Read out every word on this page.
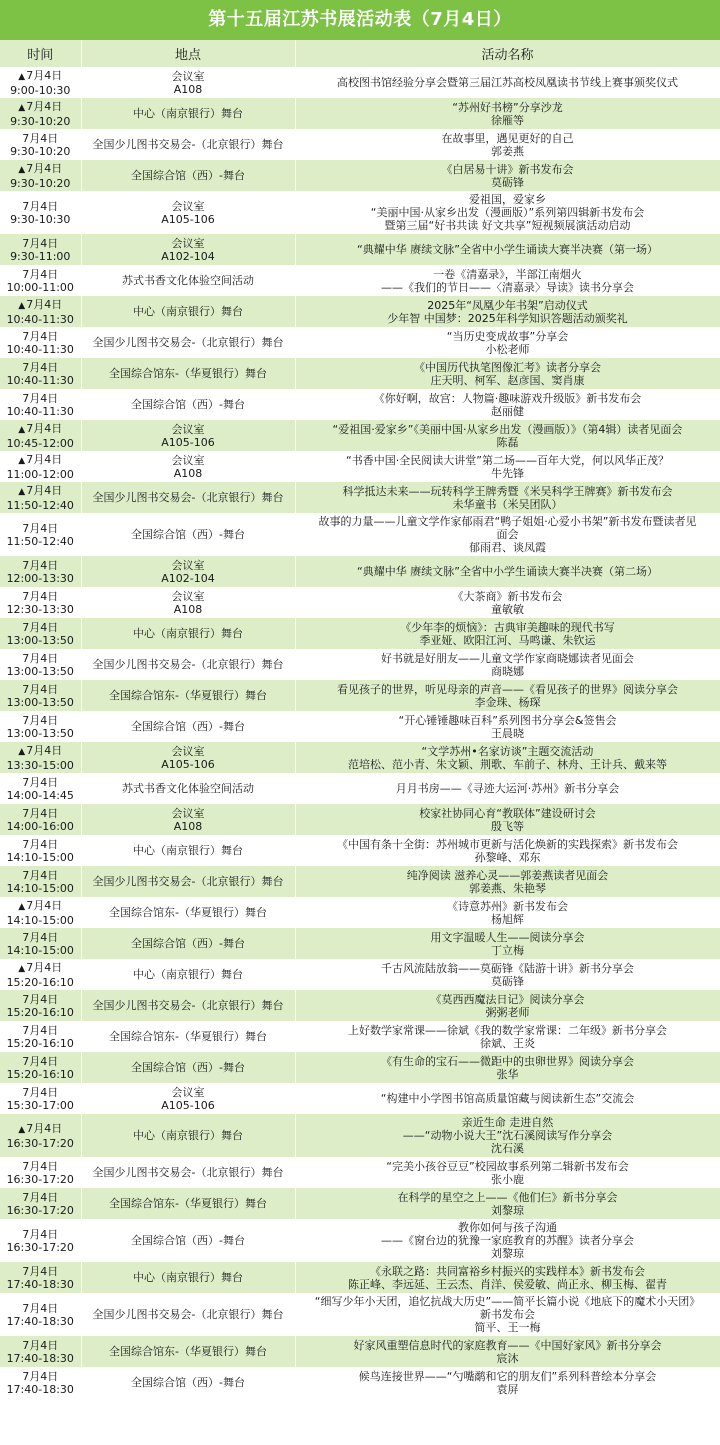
第十五届江苏书展活动表（7月4日）
时间	地点	活动名称

▲ 7月4日
9:00-10:30	会议室
A108	高校图书馆经验分享会暨第三届江苏高校凤凰读书节线上赛事颁奖仪式

▲ 7月4日
9:30-10:20	中心（南京银行）舞台	“苏州好书榜”分享沙龙
徐雁等

7月4日
9:30-10:20	全国少儿图书交易会-（北京银行）舞台	在故事里，遇见更好的自己
郭姜燕

▲ 7月4日
9:30-10:20	全国综合馆（西）-舞台	《白居易十讲》新书发布会
莫砺锋

7月4日
9:30-10:30	会议室
A105-106	爱祖国，爱家乡
“美丽中国·从家乡出发（漫画版）”系列第四辑新书发布会
暨第三届“好书共读 好文共享”短视频展演活动启动

7月4日
9:30-11:00	会议室
A102-104	“典耀中华 赓续文脉”全省中小学生诵读大赛半决赛（第一场）

7月4日
10:00-11:00	苏式书香文化体验空间活动	一卷《清嘉录》，半部江南烟火
——《我们的节日——〈清嘉录〉导读》读书分享会

▲ 7月4日
10:40-11:30	中心（南京银行）舞台	2025年“凤凰少年书架”启动仪式
少年智 中国梦：2025年科学知识答题活动颁奖礼

7月4日
10:40-11:30	全国少儿图书交易会-（北京银行）舞台	“当历史变成故事”分享会
小松老师

7月4日
10:40-11:30	全国综合馆东-（华夏银行）舞台	《中国历代执笔图像汇考》读者分享会
庄天明、柯军、赵彦国、窦肖康

7月4日
10:40-11:30	全国综合馆（西）-舞台	《你好啊，故宫：人物篇·趣味游戏升级版》新书发布会
赵丽健

▲ 7月4日
10:45-12:00	会议室
A105-106	“爱祖国·爱家乡”《美丽中国·从家乡出发（漫画版）》（第4辑）读者见面会
陈磊

▲ 7月4日
11:00-12:00	会议室
A108	“书香中国·全民阅读大讲堂”第二场——百年大党，何以风华正茂？
牛先锋

▲ 7月4日
11:50-12:40	全国少儿图书交易会-（北京银行）舞台	科学抵达未来——玩转科学王牌秀暨《米吴科学王牌赛》新书发布会
未华童书（米吴团队）

7月4日
11:50-12:40	全国综合馆（西）-舞台	故事的力量——儿童文学作家郁雨君“鸭子姐姐·心爱小书架”新书发布暨读者见
面会
郁雨君、谈凤霞

7月4日
12:00-13:30	会议室
A102-104	“典耀中华 赓续文脉”全省中小学生诵读大赛半决赛（第二场）

7月4日
12:30-13:30	会议室
A108	《大茶商》新书发布会
童敏敏

7月4日
13:00-13:50	中心（南京银行）舞台	《少年李的烦恼》：古典审美趣味的现代书写
季亚娅、欧阳江河、马鸣谦、朱钦运

7月4日
13:00-13:50	全国少儿图书交易会-（北京银行）舞台	好书就是好朋友——儿童文学作家商晓娜读者见面会
商晓娜

7月4日
13:00-13:50	全国综合馆东-（华夏银行）舞台	看见孩子的世界，听见母亲的声音——《看见孩子的世界》阅读分享会
李金珠、杨琛

7月4日
13:00-13:50	全国综合馆（西）-舞台	“开心锤锤趣味百科”系列图书分享会&签售会
王晨晓

▲ 7月4日
13:30-15:00	会议室
A105-106	“文学苏州•名家访谈”主题交流活动
范培松、范小青、朱文颖、荆歌、车前子、林舟、王计兵、戴来等

7月4日
14:00-14:45	苏式书香文化体验空间活动	月月书房——《寻迹大运河·苏州》新书分享会

7月4日
14:00-16:00	会议室
A108	校家社协同心育“教联体”建设研讨会
殷飞等

7月4日
14:10-15:00	中心（南京银行）舞台	《中国有条十全街：苏州城市更新与活化焕新的实践探索》新书发布会
孙黎峰、邓东

7月4日
14:10-15:00	全国少儿图书交易会-（北京银行）舞台	纯净阅读 滋养心灵——郭姜燕读者见面会
郭姜燕、朱艳琴

▲ 7月4日
14:10-15:00	全国综合馆东-（华夏银行）舞台	《诗意苏州》新书发布会
杨旭辉

7月4日
14:10-15:00	全国综合馆（西）-舞台	用文字温暖人生——阅读分享会
丁立梅

▲ 7月4日
15:20-16:10	中心（南京银行）舞台	千古风流陆放翁——莫砺锋《陆游十讲》新书分享会
莫砺锋

7月4日
15:20-16:10	全国少儿图书交易会-（北京银行）舞台	《莫西西魔法日记》阅读分享会
粥粥老师

7月4日
15:20-16:10	全国综合馆东-（华夏银行）舞台	上好数学家常课——徐斌《我的数学家常课：二年级》新书分享会
徐斌、王炎

7月4日
15:20-16:10	全国综合馆（西）-舞台	《有生命的宝石——微距中的虫卵世界》阅读分享会
张华

7月4日
15:30-17:00	会议室
A105-106	“构建中小学图书馆高质量馆藏与阅读新生态”交流会

▲ 7月4日
16:30-17:20	中心（南京银行）舞台	亲近生命 走进自然
——“动物小说大王”沈石溪阅读写作分享会
沈石溪

7月4日
16:30-17:20	全国少儿图书交易会-（北京银行）舞台	“完美小孩谷豆豆”校园故事系列第二辑新书发布会
张小鹿

7月4日
16:30-17:20	全国综合馆东-（华夏银行）舞台	在科学的星空之上——《他们仨》新书分享会
刘黎琼

7月4日
16:30-17:20	全国综合馆（西）-舞台	教你如何与孩子沟通
——《窗台边的犹豫一家庭教育的苏醒》读者分享会
刘黎琼

7月4日
17:40-18:30	中心（南京银行）舞台	《永联之路：共同富裕乡村振兴的实践样本》新书发布会
陈正峰、李远延、王云杰、肖洋、侯爱敏、尚正永、柳玉梅、翟青

7月4日
17:40-18:30	全国少儿图书交易会-（北京银行）舞台	“细写少年小天团，追忆抗战大历史”——简平长篇小说《地底下的魔术小天团》
新书发布会
简平、王一梅

7月4日
17:40-18:30	全国综合馆东-（华夏银行）舞台	好家风重塑信息时代的家庭教育——《中国好家风》新书分享会
宸沐

7月4日
17:40-18:30	全国综合馆（西）-舞台	候鸟连接世界——“勺嘴鹬和它的朋友们”系列科普绘本分享会
袁屏
